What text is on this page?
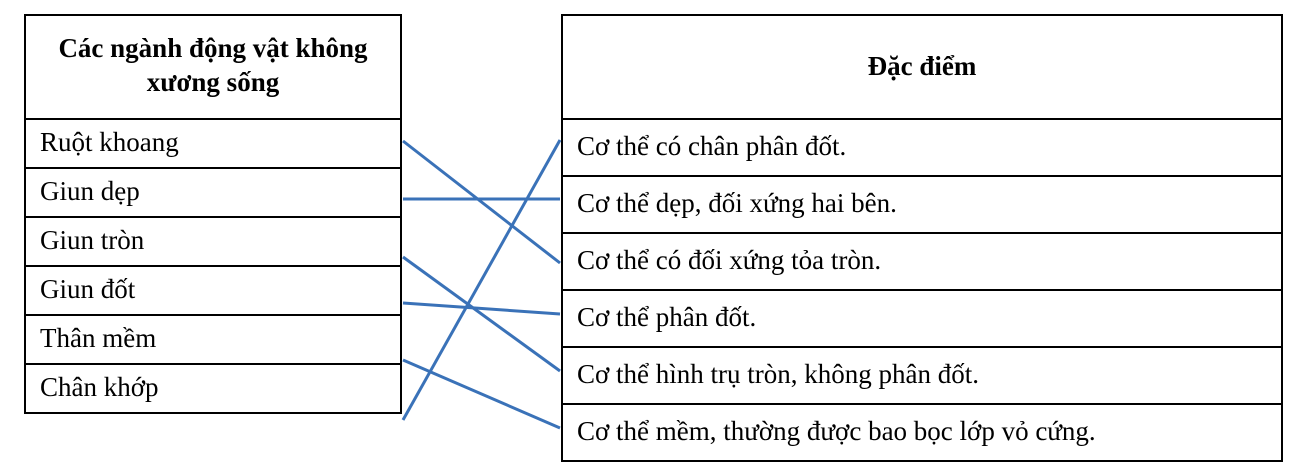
Các ngành động vật không xương sống
Ruột khoang
Giun dẹp
Giun tròn
Giun đốt
Thân mềm
Chân khớp
Đặc điểm
Cơ thể có chân phân đốt.
Cơ thể dẹp, đối xứng hai bên.
Cơ thể có đối xứng tỏa tròn.
Cơ thể phân đốt.
Cơ thể hình trụ tròn, không phân đốt.
Cơ thể mềm, thường được bao bọc lớp vỏ cứng.
